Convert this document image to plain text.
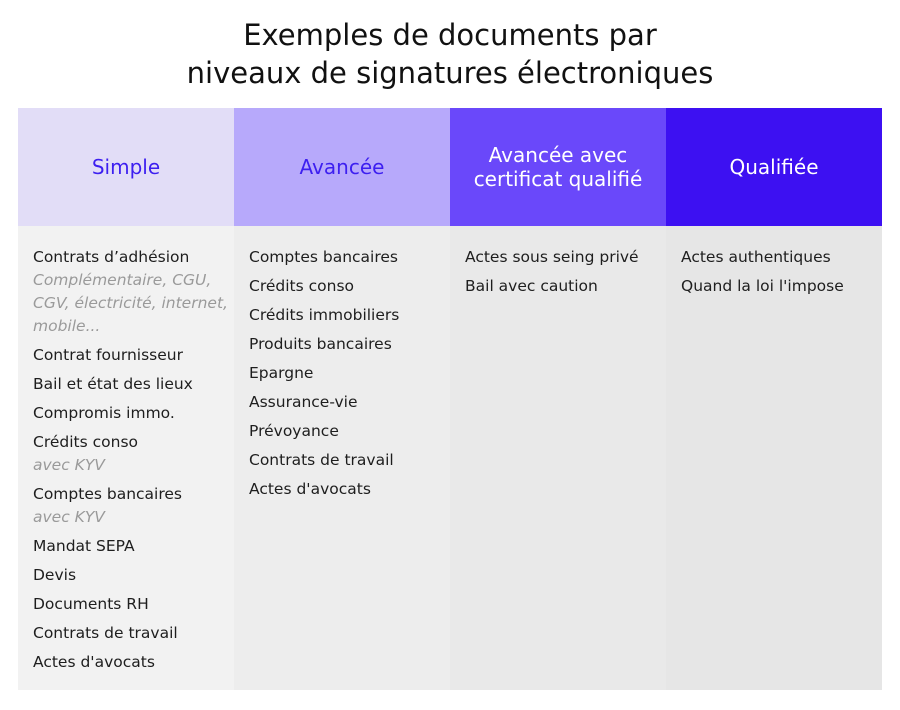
Exemples de documents par
niveaux de signatures électroniques
Simple
Contrats d’adhésion
Complémentaire, CGU, CGV, électricité, internet, mobile...
Contrat fournisseur
Bail et état des lieux
Compromis immo.
Crédits conso
avec KYV
Comptes bancaires
avec KYV
Mandat SEPA
Devis
Documents RH
Contrats de travail
Actes d'avocats
Avancée
Comptes bancaires
Crédits conso
Crédits immobiliers
Produits bancaires
Epargne
Assurance-vie
Prévoyance
Contrats de travail
Actes d'avocats
Avancée avec certificat qualifié
Actes sous seing privé
Bail avec caution
Qualifiée
Actes authentiques
Quand la loi l'impose
